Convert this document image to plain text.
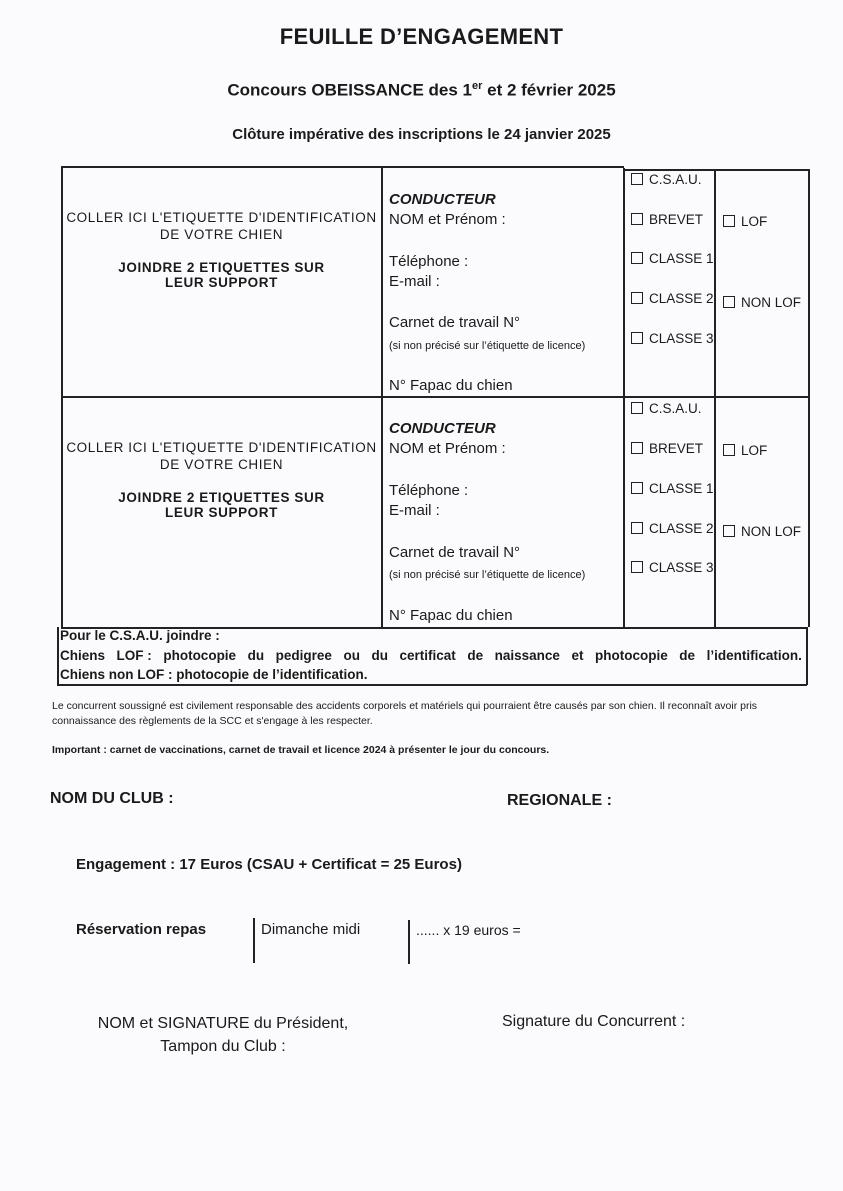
FEUILLE D’ENGAGEMENT
Concours OBEISSANCE des 1er et 2 février 2025
Clôture impérative des inscriptions le 24 janvier 2025
COLLER ICI L'ETIQUETTE D'IDENTIFICATION
DE VOTRE CHIEN
JOINDRE 2 ETIQUETTES SUR
LEUR SUPPORT
CONDUCTEUR
NOM et Prénom :
Téléphone :
E-mail :
Carnet de travail N°
(si non précisé sur l’étiquette de licence)
N° Fapac du chien
C.S.A.U.
BREVET
CLASSE 1
CLASSE 2
CLASSE 3
LOF
NON LOF
COLLER ICI L'ETIQUETTE D'IDENTIFICATION
DE VOTRE CHIEN
JOINDRE 2 ETIQUETTES SUR
LEUR SUPPORT
CONDUCTEUR
NOM et Prénom :
Téléphone :
E-mail :
Carnet de travail N°
(si non précisé sur l’étiquette de licence)
N° Fapac du chien
C.S.A.U.
BREVET
CLASSE 1
CLASSE 2
CLASSE 3
LOF
NON LOF
Pour le C.S.A.U. joindre :
Chiens LOF : photocopie du pedigree ou du certificat de naissance et photocopie de l’identification.
Chiens non LOF : photocopie de l’identification.
Le concurrent soussigné est civilement responsable des accidents corporels et matériels qui pourraient être causés par son chien. Il reconnaît avoir pris connaissance des règlements de la SCC et s'engage à les respecter.
Important : carnet de vaccinations, carnet de travail et licence 2024 à présenter le jour du concours.
NOM DU CLUB :	REGIONALE :
Engagement : 17 Euros (CSAU + Certificat = 25 Euros)
Réservation repas	Dimanche midi	...... x 19 euros =
NOM et SIGNATURE du Président,
Tampon du Club :
Signature du Concurrent :
